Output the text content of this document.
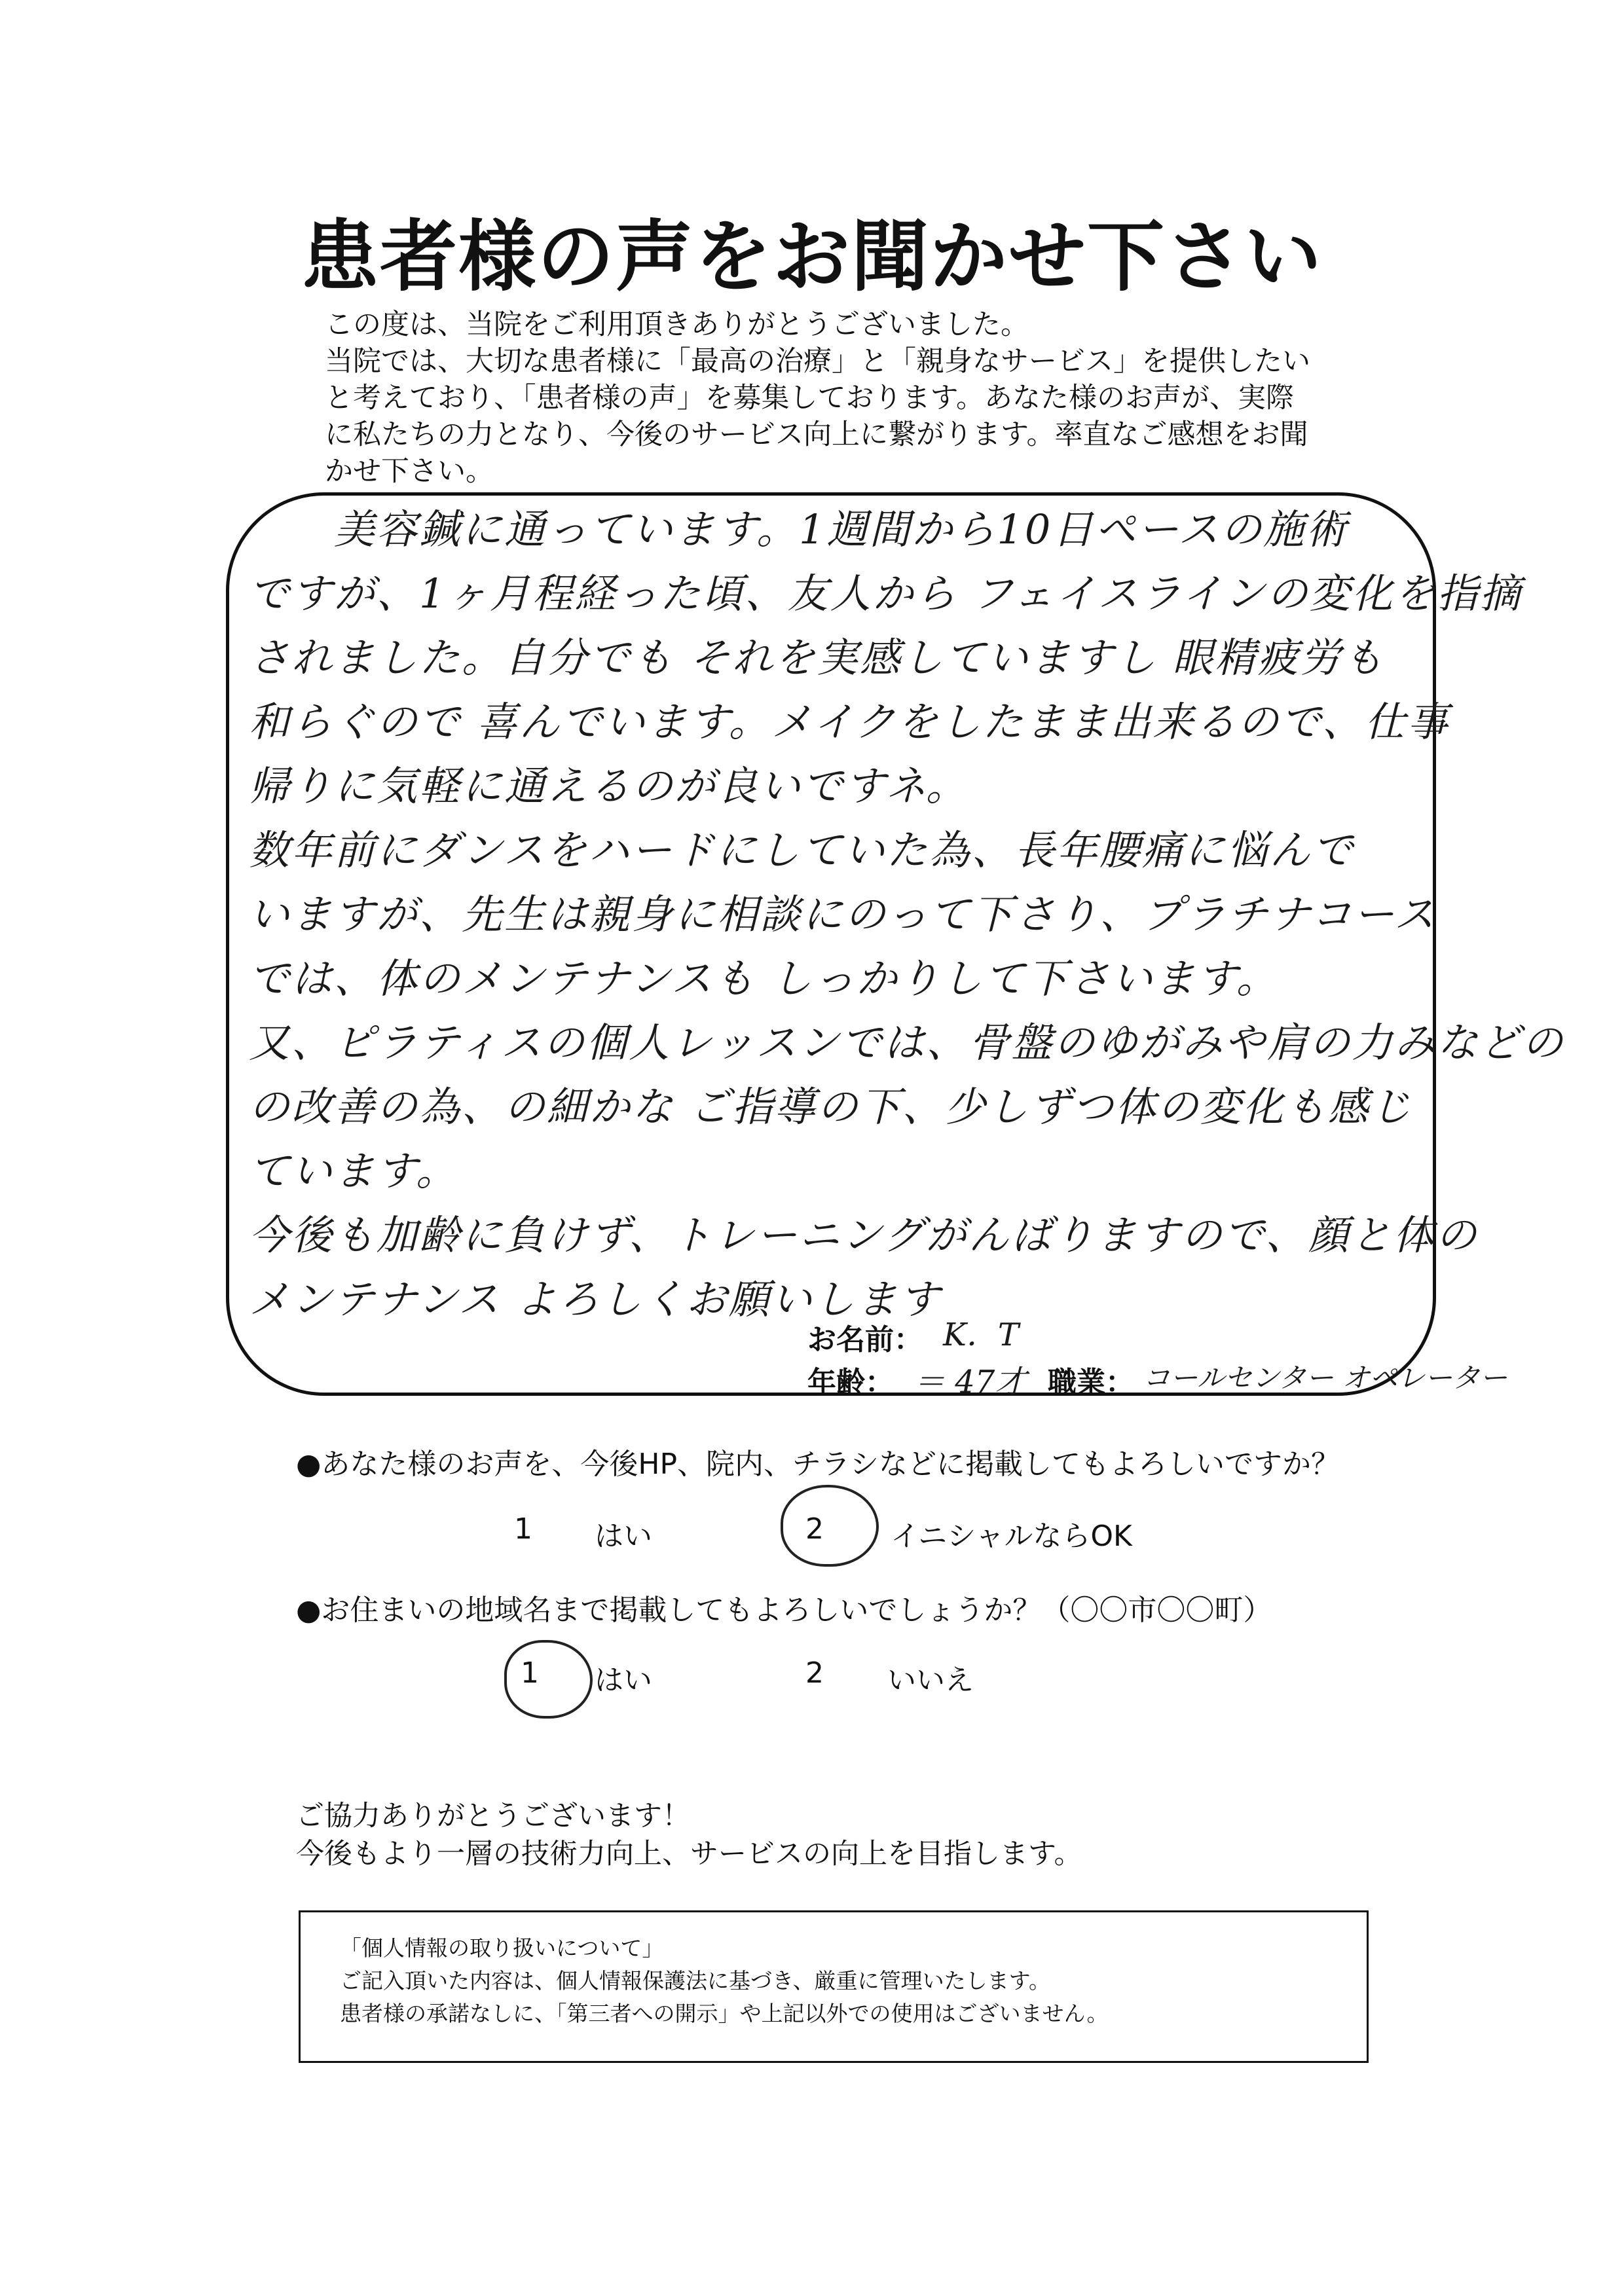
患者様の声をお聞かせ下さい
この度は、当院をご利用頂きありがとうございました。
当院では、大切な患者様に「最高の治療」と「親身なサービス」を提供したい
と考えており、「患者様の声」を募集しております。あなた様のお声が、実際
に私たちの力となり、今後のサービス向上に繋がります。率直なご感想をお聞
かせ下さい。
美容鍼に通っています。1週間から10日ペースの施術
ですが、1ヶ月程経った頃、友人から フェイスラインの変化を指摘
されました。自分でも それを実感していますし 眼精疲労も
和らぐので 喜んでいます。メイクをしたまま出来るので、仕事
帰りに気軽に通えるのが良いですネ。
数年前にダンスをハードにしていた為、長年腰痛に悩んで
いますが、先生は親身に相談にのって下さり、プラチナコース
では、体のメンテナンスも しっかりして下さいます。
又、ピラティスの個人レッスンでは、骨盤のゆがみや肩の力みなどの
の改善の為、の細かな ご指導の下、少しずつ体の変化も感じ
ています。
今後も加齢に負けず、トレーニングがんばりますので、顔と体の
メンテナンス よろしくお願いします
お名前： K．T
年齢： ＝ 47才 職業： コールセンター オペレーター
●あなた様のお声を、今後HP、院内、チラシなどに掲載してもよろしいですか？
1 はい	2 イニシャルならOK
●お住まいの地域名まで掲載してもよろしいでしょうか？（〇〇市〇〇町）
1 はい	2 いいえ
ご協力ありがとうございます！
今後もより一層の技術力向上、サービスの向上を目指します。
「個人情報の取り扱いについて」
ご記入頂いた内容は、個人情報保護法に基づき、厳重に管理いたします。
患者様の承諾なしに、「第三者への開示」や上記以外での使用はございません。
